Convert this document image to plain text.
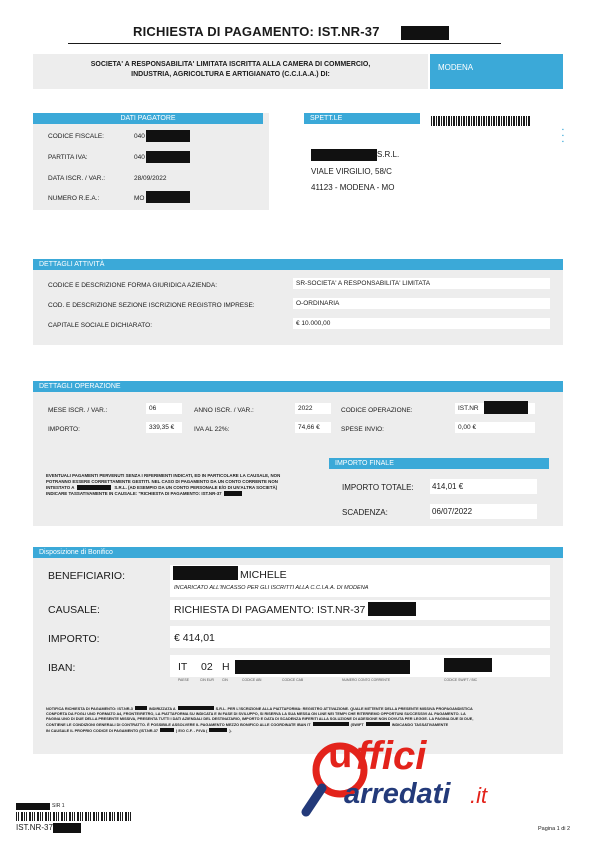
RICHIESTA DI PAGAMENTO: IST.NR-37
SOCIETA' A RESPONSABILITA' LIMITATA ISCRITTA ALLA CAMERA DI COMMERCIO,
INDUSTRIA, AGRICOLTURA E ARTIGIANATO (C.C.I.A.A.) DI:
MODENA
DATI PAGATORE
CODICE FISCALE:	040
PARTITA IVA:	040
DATA ISCR. / VAR.:	28/09/2022
NUMERO R.E.A.:	MO
SPETT.LE
▪
▪
▪
S.R.L.
VIALE VIRGILIO, 58/C
41123 - MODENA - MO
DETTAGLI ATTIVITÀ
CODICE E DESCRIZIONE FORMA GIURIDICA AZIENDA:	SR-SOCIETA' A RESPONSABILITA' LIMITATA
COD. E DESCRIZIONE SEZIONE ISCRIZIONE REGISTRO IMPRESE:	O-ORDINARIA
CAPITALE SOCIALE DICHIARATO:	€ 10.000,00
DETTAGLI OPERAZIONE
MESE ISCR. / VAR.:	06	ANNO ISCR. / VAR.:	2022	CODICE OPERAZIONE:	IST.NR
IMPORTO:	339,35 €	IVA AL 22%:	74,66 €	SPESE INVIO:	0,00 €
EVENTUALI PAGAMENTI PERVENUTI SENZA I RIFERIMENTI INDICATI, ED IN PARTICOLARE LA CAUSALE, NON
POTRANNO ESSERE CORRETTAMENTE GESTITI. NEL CASO DI PAGAMENTO DA UN CONTO CORRENTE NON
INTESTATO A	S.R.L. (AD ESEMPIO DA UN CONTO PERSONALE E/O DI UN'ALTRA SOCIETÀ)
INDICARE TASSATIVAMENTE IN CAUSALE: "RICHIESTA DI PAGAMENTO: IST.NR-37
IMPORTO FINALE
IMPORTO TOTALE: 414,01 €
SCADENZA:	06/07/2022
Disposizione di Bonifico
BENEFICIARIO:	MICHELE
INCARICATO ALL'INCASSO PER GLI ISCRITTI ALLA C.C.I.A.A. DI MODENA
CAUSALE:	RICHIESTA DI PAGAMENTO: IST.NR-37
IMPORTO:	€ 414,01
IBAN:	IT 02 H
PAESE	CIN EUR CIN	CODICE ABI	CODICE CAB	NUMERO CONTO CORRENTE	CODICE SWIFT / BIC
NOTIFICA RICHIESTA DI PAGAMENTO: IST.NR-3	INDIRIZZATA A	S.R.L. PER L'ISCRIZIONE ALLA PIATTAFORMA: REGISTRO ATTIVAZIONE. QUALE MITTENTE DELLA PRESENTE MISSIVA PROPAGANDISTICA
CONFORTA DA FOGLI UNO FORMATO A4, FRONTE/RETRO, LA PIATTAFORMA SU INDICATA E IN FASE DI SVILUPPO, SI RISERVA LA SUA MESSA ON LINE NEI TEMPI CHE RITERREMO OPPORTUNI SUCCESSIVI AL PAGAMENTO. LA
PAGINA UNO DI DUE DELLA PRESENTE MISSIVA, PRESENTA TUTTI I DATI AZIENDALI DEL DESTINATARIO, IMPORTO E DATA DI SCADENZA RIFERITI ALLA SOLUZIONE DI ADESIONE NON DOVUTA PER LEGGE. LA PAGINA DUE DI DUE,
CONTIENE LE CONDIZIONI GENERALI DI CONTRATTO. È POSSIBILE ASSOLVERE IL PAGAMENTO MEZZO BONIFICO ALLE COORDINATE IBAN IT	(SWIFT	INDICANDO TASSATIVAMENTE
IN CAUSALE IL PROPRIO CODICE DI PAGAMENTO (IST.NR-37	) E/O C.F. - P.IVA (	).
u ffici
arredati .it
SIR 1
IST.NR-37	Pagina 1 di 2
